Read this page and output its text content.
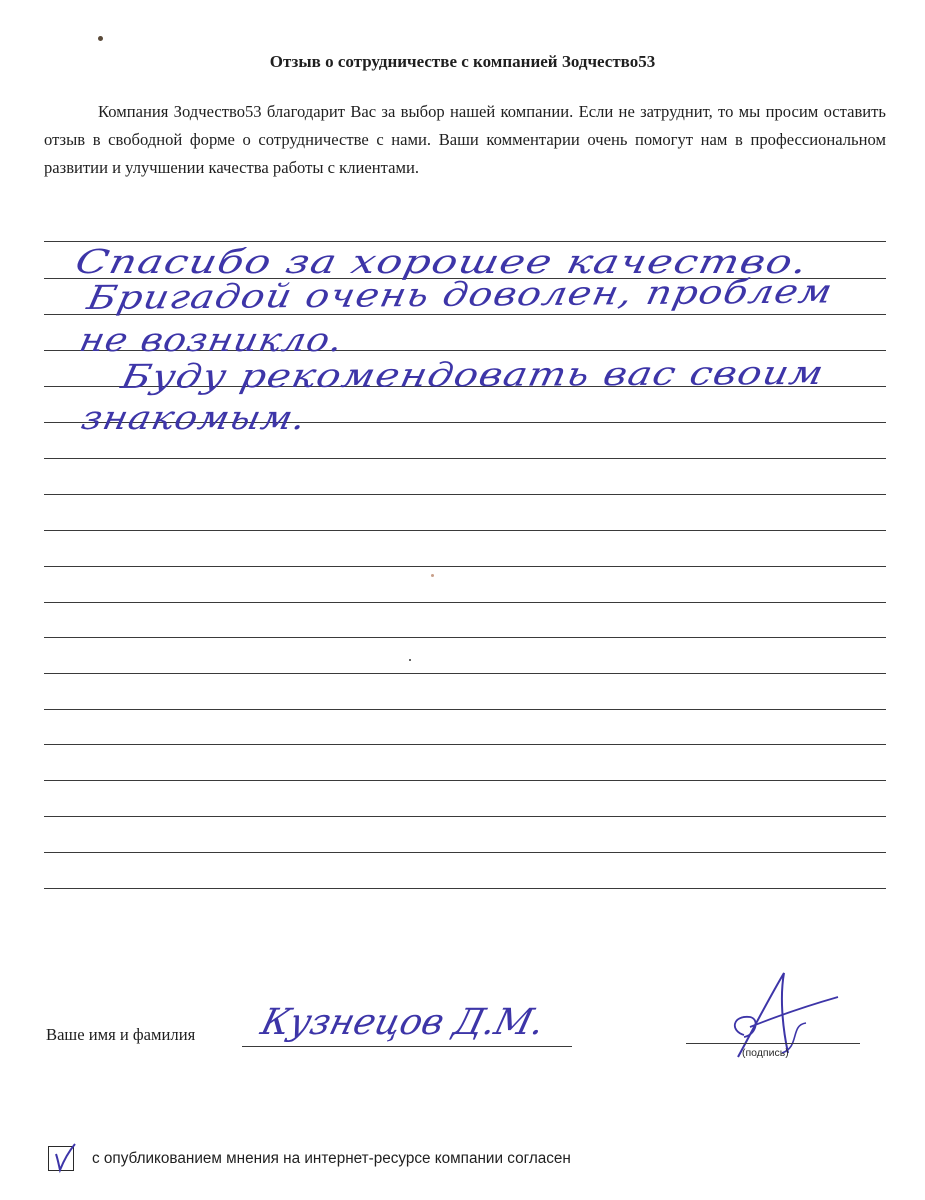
Отзыв о сотрудничестве с компанией Зодчество53

Компания Зодчество53 благодарит Вас за выбор нашей компании. Если не затруднит, то мы просим оставить отзыв в свободной форме о сотрудничестве с нами. Ваши комментарии очень помогут нам в профессиональном развитии и улучшении качества работы с клиентами.

Спасибо за хорошее качество.
Бригадой очень доволен, проблем
не возникло.
Буду рекомендовать вас своим
знакомым.
Ваше имя и фамилия Кузнецов Д.М.
(подпись)
с опубликованием мнения на интернет-ресурсе компании согласен
